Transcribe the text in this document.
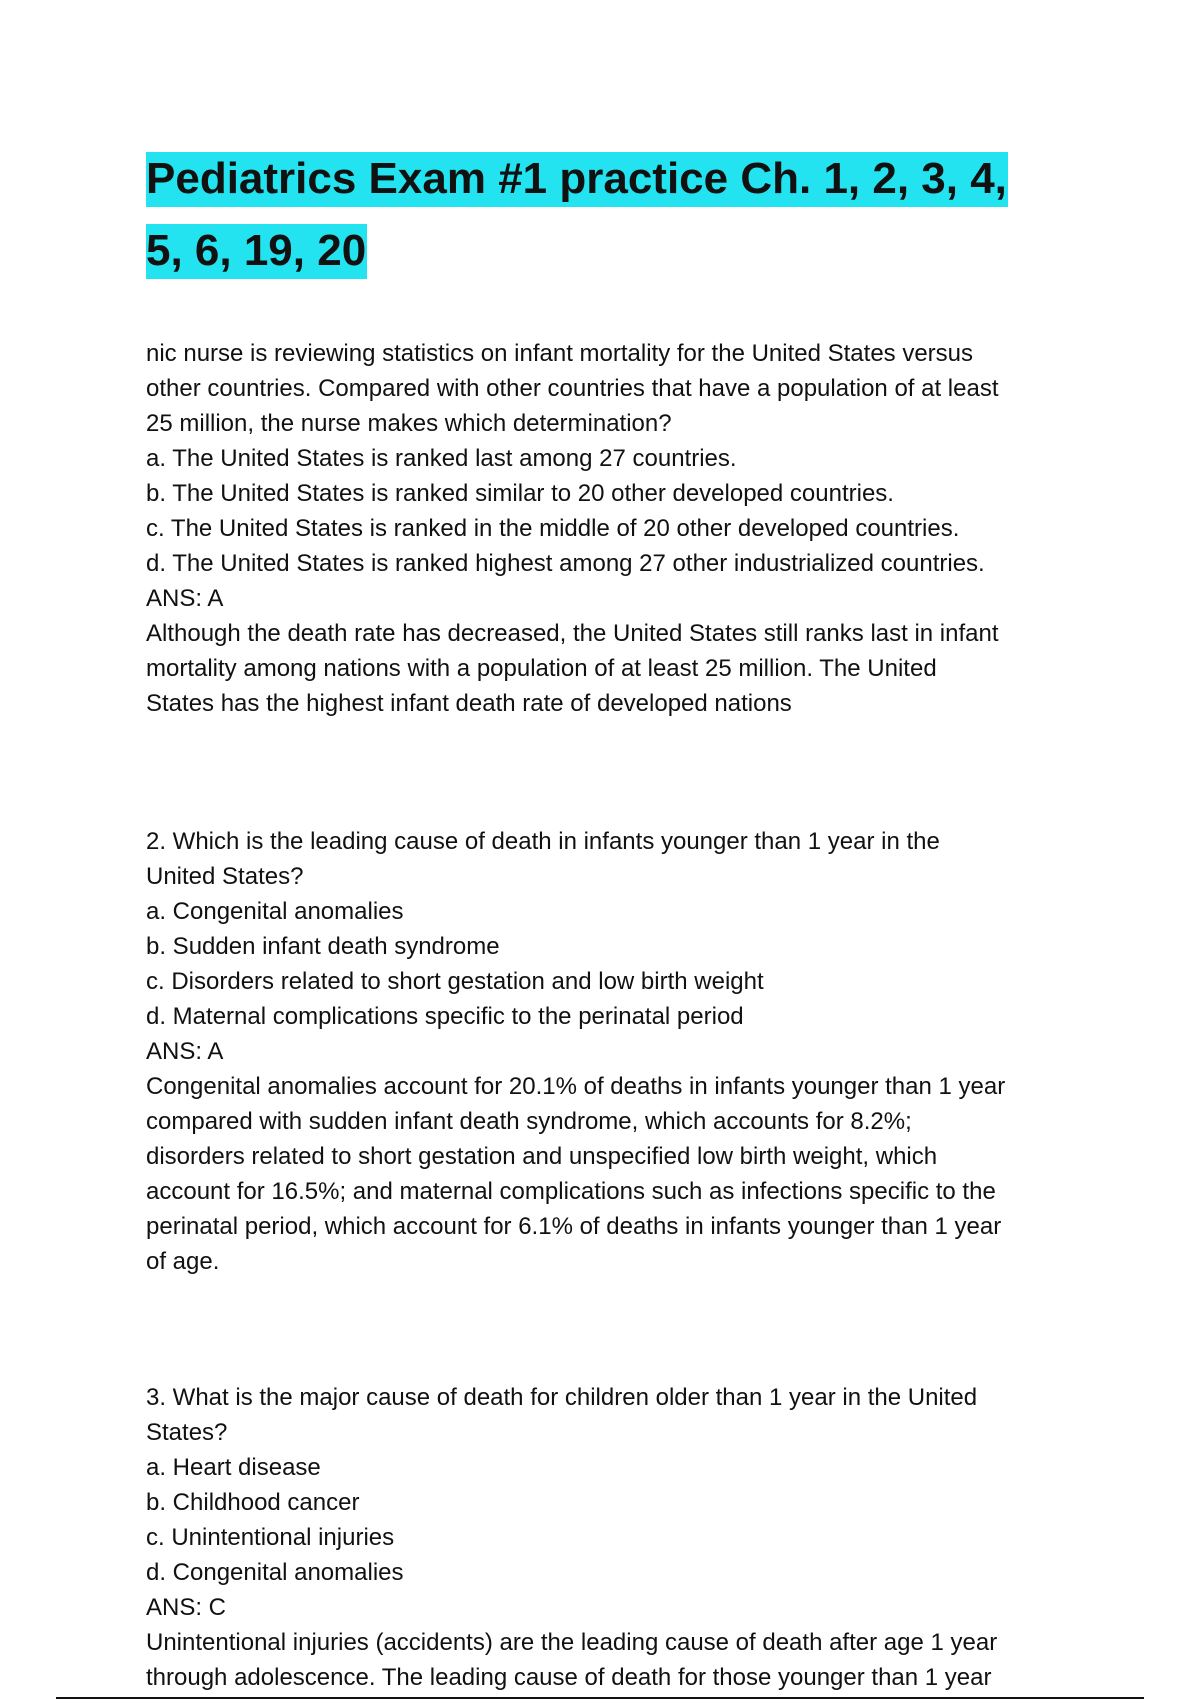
Pediatrics Exam #1 practice Ch. 1, 2, 3, 4,

5, 6, 19, 20

nic nurse is reviewing statistics on infant mortality for the United States versus

other countries. Compared with other countries that have a population of at least

25 million, the nurse makes which determination?

a. The United States is ranked last among 27 countries.

b. The United States is ranked similar to 20 other developed countries.

c. The United States is ranked in the middle of 20 other developed countries.

d. The United States is ranked highest among 27 other industrialized countries.

ANS: A

Although the death rate has decreased, the United States still ranks last in infant

mortality among nations with a population of at least 25 million. The United

States has the highest infant death rate of developed nations

2. Which is the leading cause of death in infants younger than 1 year in the

United States?

a. Congenital anomalies

b. Sudden infant death syndrome

c. Disorders related to short gestation and low birth weight

d. Maternal complications specific to the perinatal period

ANS: A

Congenital anomalies account for 20.1% of deaths in infants younger than 1 year

compared with sudden infant death syndrome, which accounts for 8.2%;

disorders related to short gestation and unspecified low birth weight, which

account for 16.5%; and maternal complications such as infections specific to the

perinatal period, which account for 6.1% of deaths in infants younger than 1 year

of age.

3. What is the major cause of death for children older than 1 year in the United

States?

a. Heart disease

b. Childhood cancer

c. Unintentional injuries

d. Congenital anomalies

ANS: C

Unintentional injuries (accidents) are the leading cause of death after age 1 year

through adolescence. The leading cause of death for those younger than 1 year
